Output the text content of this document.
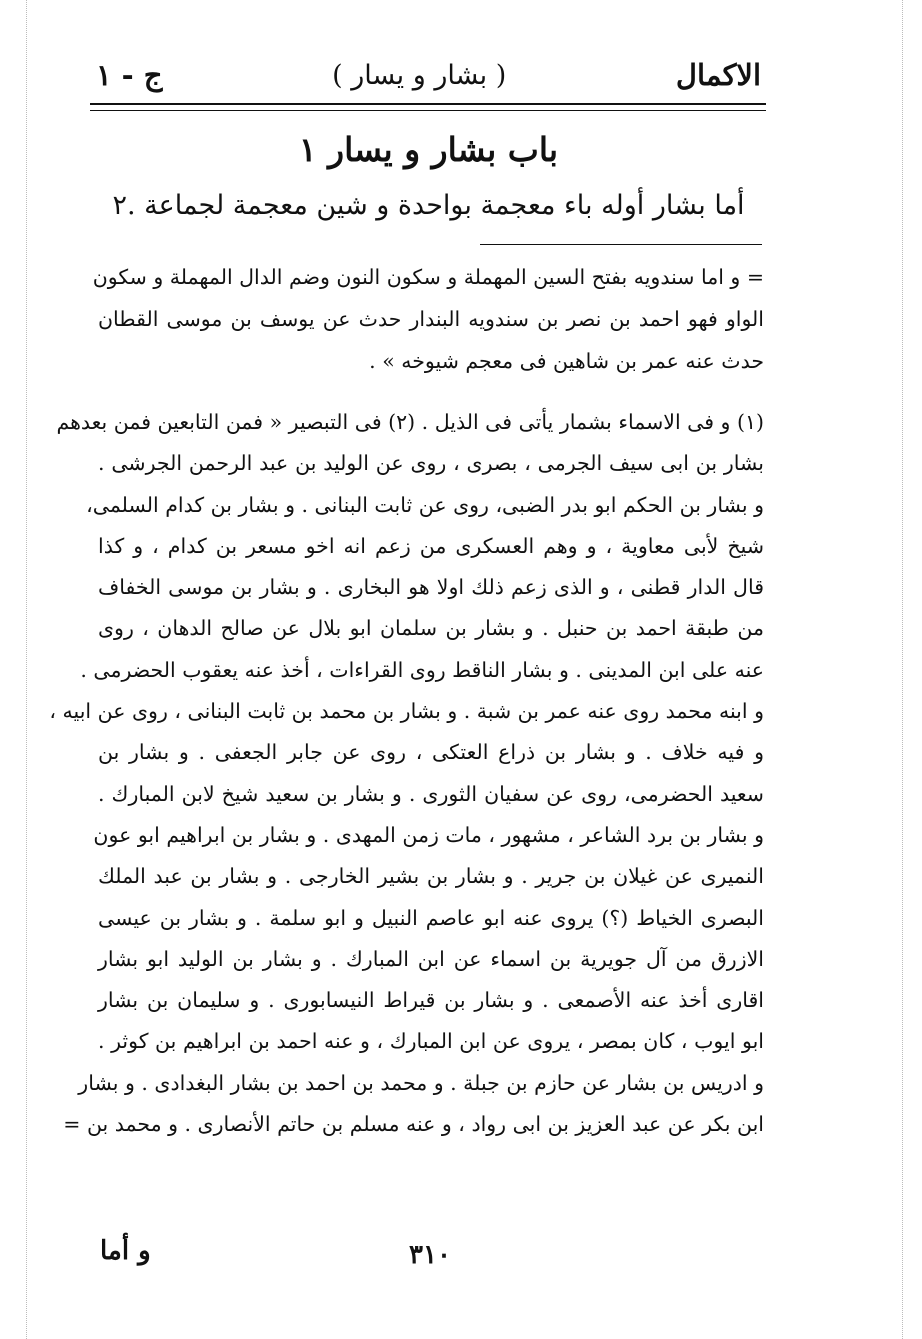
الاكمال
( بشار و يسار )
ج - ١
باب بشار و يسار ١
أما بشار أوله باء معجمة بواحدة و شين معجمة لجماعة .٢
= و اما سندويه بفتح السين المهملة و سكون النون وضم الدال المهملة و سكون
الواو فهو احمد بن نصر بن سندويه البندار حدث عن يوسف بن موسى القطان
حدث عنه عمر بن شاهين فى معجم شيوخه » .
(١) و فى الاسماء بشمار يأتى فى الذيل . (٢) فى التبصير « فمن التابعين فمن بعدهم
بشار بن ابى سيف الجرمى ، بصرى ، روى عن الوليد بن عبد الرحمن الجرشى .
و بشار بن الحكم ابو بدر الضبى، روى عن ثابت البنانى . و بشار بن كدام السلمى،
شيخ لأبى معاوية ، و وهم العسكرى من زعم انه اخو مسعر بن كدام ، و كذا
قال الدار قطنى ، و الذى زعم ذلك اولا هو البخارى . و بشار بن موسى الخفاف
من طبقة احمد بن حنبل . و بشار بن سلمان ابو بلال عن صالح الدهان ، روى
عنه على ابن المدينى . و بشار الناقط روى القراءات ، أخذ عنه يعقوب الحضرمى .
و ابنه محمد روى عنه عمر بن شبة . و بشار بن محمد بن ثابت البنانى ، روى عن ابيه ،
و فيه خلاف . و بشار بن ذراع العتكى ، روى عن جابر الجعفى . و بشار بن
سعيد الحضرمى، روى عن سفيان الثورى . و بشار بن سعيد شيخ لابن المبارك .
و بشار بن برد الشاعر ، مشهور ، مات زمن المهدى . و بشار بن ابراهيم ابو عون
النميرى عن غيلان بن جرير . و بشار بن بشير الخارجى . و بشار بن عبد الملك
البصرى الخياط (؟) يروى عنه ابو عاصم النبيل و ابو سلمة . و بشار بن عيسى
الازرق من آل جويرية بن اسماء عن ابن المبارك . و بشار بن الوليد ابو بشار
اقارى أخذ عنه الأصمعى . و بشار بن قيراط النيسابورى . و سليمان بن بشار
ابو ايوب ، كان بمصر ، يروى عن ابن المبارك ، و عنه احمد بن ابراهيم بن كوثر .
و ادريس بن بشار عن حازم بن جبلة . و محمد بن احمد بن بشار البغدادى . و بشار
ابن بكر عن عبد العزيز بن ابى رواد ، و عنه مسلم بن حاتم الأنصارى . و محمد بن =
٣١٠
و أما
